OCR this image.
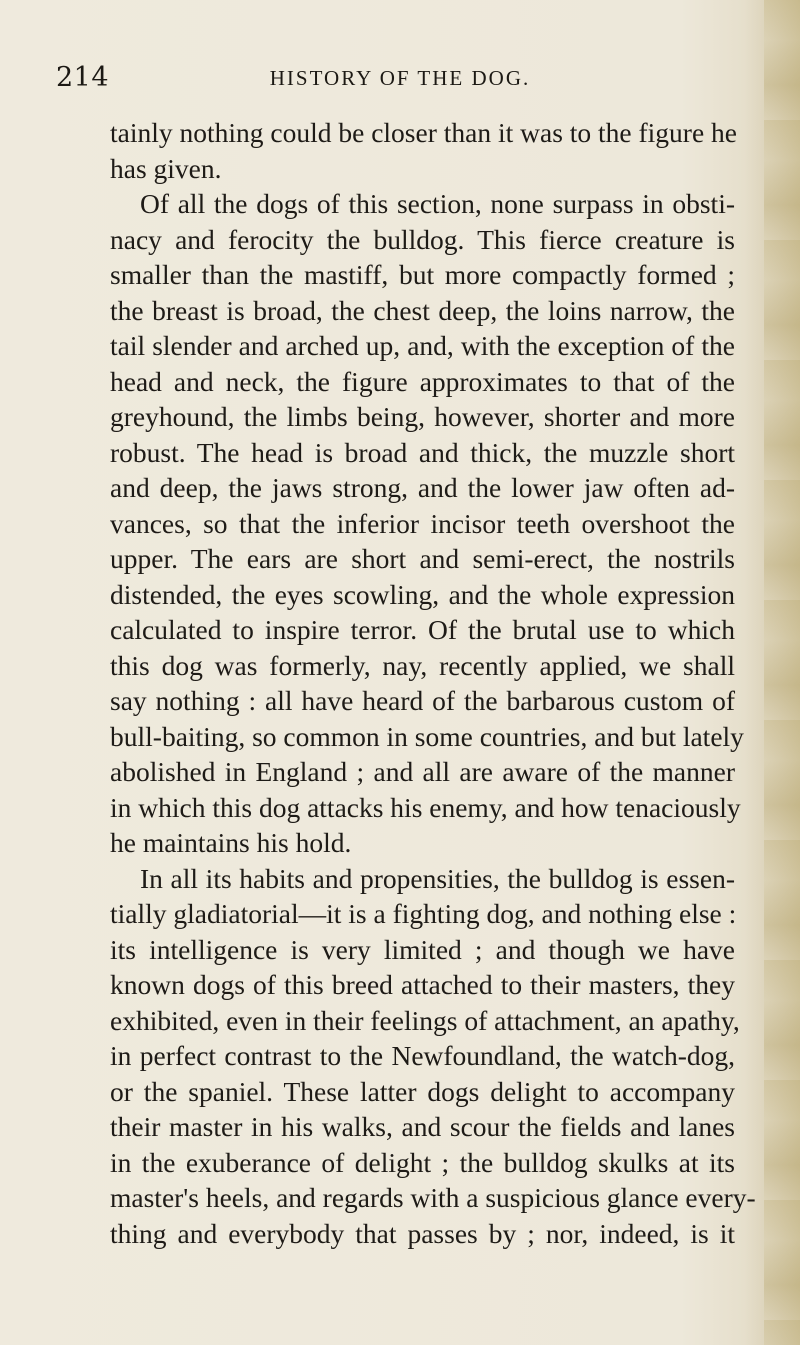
214	HISTORY OF THE DOG.
tainly nothing could be closer than it was to the figure he
has given.
Of all the dogs of this section, none surpass in obsti-
nacy and ferocity the bulldog. This fierce creature is
smaller than the mastiff, but more compactly formed ;
the breast is broad, the chest deep, the loins narrow, the
tail slender and arched up, and, with the exception of the
head and neck, the figure approximates to that of the
greyhound, the limbs being, however, shorter and more
robust. The head is broad and thick, the muzzle short
and deep, the jaws strong, and the lower jaw often ad-
vances, so that the inferior incisor teeth overshoot the
upper. The ears are short and semi-erect, the nostrils
distended, the eyes scowling, and the whole expression
calculated to inspire terror. Of the brutal use to which
this dog was formerly, nay, recently applied, we shall
say nothing : all have heard of the barbarous custom of
bull-baiting, so common in some countries, and but lately
abolished in England ; and all are aware of the manner
in which this dog attacks his enemy, and how tenaciously
he maintains his hold.
In all its habits and propensities, the bulldog is essen-
tially gladiatorial—it is a fighting dog, and nothing else :
its intelligence is very limited ; and though we have
known dogs of this breed attached to their masters, they
exhibited, even in their feelings of attachment, an apathy,
in perfect contrast to the Newfoundland, the watch-dog,
or the spaniel. These latter dogs delight to accompany
their master in his walks, and scour the fields and lanes
in the exuberance of delight ; the bulldog skulks at its
master's heels, and regards with a suspicious glance every-
thing and everybody that passes by ; nor, indeed, is it
